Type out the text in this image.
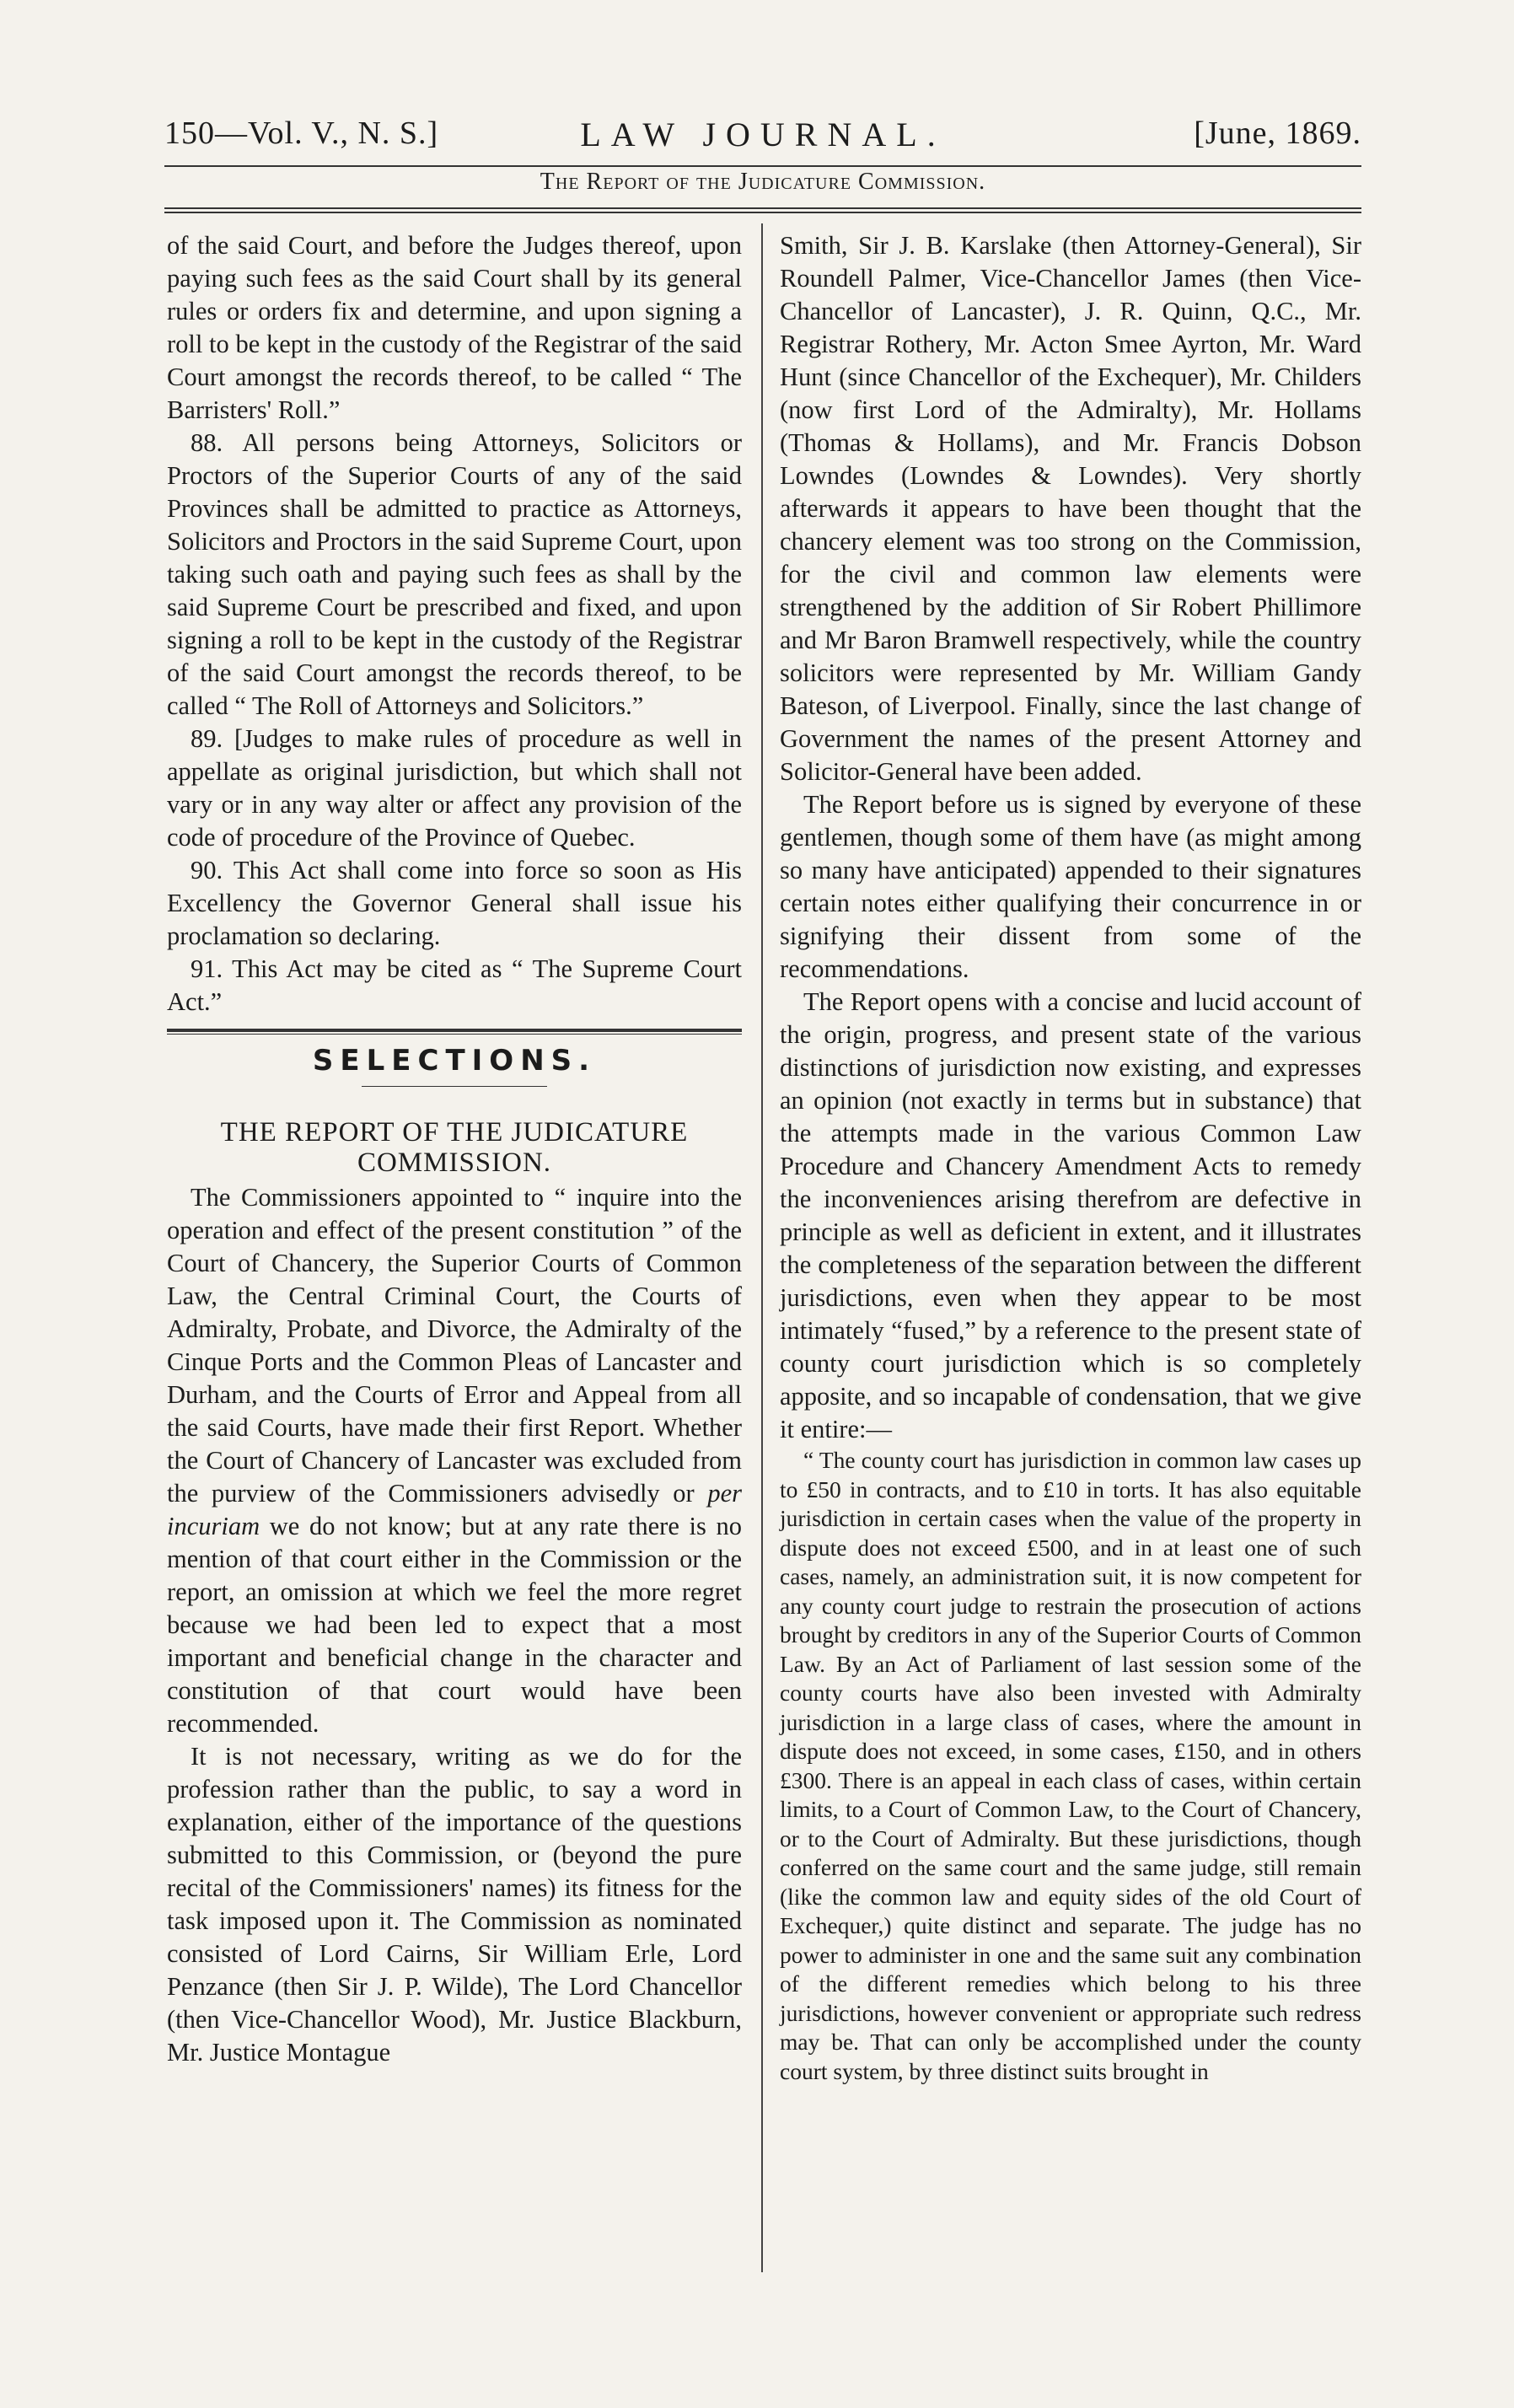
150—Vol. V., N. S.]	LAW JOURNAL.	[June, 1869.
The Report of the Judicature Commission.

of the said Court, and before the Judges thereof, upon paying such fees as the said Court shall by its general rules or orders fix and determine, and upon signing a roll to be kept in the custody of the Registrar of the said Court amongst the records thereof, to be called “ The Barristers' Roll.”

88. All persons being Attorneys, Solicitors or Proctors of the Superior Courts of any of the said Provinces shall be admitted to practice as Attorneys, Solicitors and Proctors in the said Supreme Court, upon taking such oath and paying such fees as shall by the said Supreme Court be prescribed and fixed, and upon signing a roll to be kept in the custody of the Registrar of the said Court amongst the records thereof, to be called “ The Roll of Attorneys and Solicitors.”

89. [Judges to make rules of procedure as well in appellate as original jurisdiction, but which shall not vary or in any way alter or affect any provision of the code of procedure of the Province of Quebec.

90. This Act shall come into force so soon as His Excellency the Governor General shall issue his proclamation so declaring.

91. This Act may be cited as “ The Supreme Court Act.”

SELECTIONS.
THE REPORT OF THE JUDICATURE
COMMISSION.

The Commissioners appointed to “ inquire into the operation and effect of the present constitution ” of the Court of Chancery, the Superior Courts of Common Law, the Central Criminal Court, the Courts of Admiralty, Probate, and Divorce, the Admiralty of the Cinque Ports and the Common Pleas of Lancaster and Durham, and the Courts of Error and Appeal from all the said Courts, have made their first Report. Whether the Court of Chancery of Lancaster was excluded from the purview of the Commissioners advisedly or per incuriam we do not know; but at any rate there is no mention of that court either in the Commission or the report, an omission at which we feel the more regret because we had been led to expect that a most important and beneficial change in the character and constitution of that court would have been recommended.

It is not necessary, writing as we do for the profession rather than the public, to say a word in explanation, either of the importance of the questions submitted to this Commission, or (beyond the pure recital of the Commissioners' names) its fitness for the task imposed upon it. The Commission as nominated consisted of Lord Cairns, Sir William Erle, Lord Penzance (then Sir J. P. Wilde), The Lord Chancellor (then Vice-Chancellor Wood), Mr. Justice Blackburn, Mr. Justice Montague

Smith, Sir J. B. Karslake (then Attorney-General), Sir Roundell Palmer, Vice-Chancellor James (then Vice-Chancellor of Lancaster), J. R. Quinn, Q.C., Mr. Registrar Rothery, Mr. Acton Smee Ayrton, Mr. Ward Hunt (since Chancellor of the Exchequer), Mr. Childers (now first Lord of the Admiralty), Mr. Hollams (Thomas & Hollams), and Mr. Francis Dobson Lowndes (Lowndes & Lowndes). Very shortly afterwards it appears to have been thought that the chancery element was too strong on the Commission, for the civil and common law elements were strengthened by the addition of Sir Robert Phillimore and Mr Baron Bramwell respectively, while the country solicitors were represented by Mr. William Gandy Bateson, of Liverpool. Finally, since the last change of Government the names of the present Attorney and Solicitor-General have been added.

The Report before us is signed by everyone of these gentlemen, though some of them have (as might among so many have anticipated) appended to their signatures certain notes either qualifying their concurrence in or signifying their dissent from some of the recommendations.

The Report opens with a concise and lucid account of the origin, progress, and present state of the various distinctions of jurisdiction now existing, and expresses an opinion (not exactly in terms but in substance) that the attempts made in the various Common Law Procedure and Chancery Amendment Acts to remedy the inconveniences arising therefrom are defective in principle as well as deficient in extent, and it illustrates the completeness of the separation between the different jurisdictions, even when they appear to be most intimately “fused,” by a reference to the present state of county court jurisdiction which is so completely apposite, and so incapable of condensation, that we give it entire:—

“ The county court has jurisdiction in common law cases up to £50 in contracts, and to £10 in torts. It has also equitable jurisdiction in certain cases when the value of the property in dispute does not exceed £500, and in at least one of such cases, namely, an administration suit, it is now competent for any county court judge to restrain the prosecution of actions brought by creditors in any of the Superior Courts of Common Law. By an Act of Parliament of last session some of the county courts have also been invested with Admiralty jurisdiction in a large class of cases, where the amount in dispute does not exceed, in some cases, £150, and in others £300. There is an appeal in each class of cases, within certain limits, to a Court of Common Law, to the Court of Chancery, or to the Court of Admiralty. But these jurisdictions, though conferred on the same court and the same judge, still remain (like the common law and equity sides of the old Court of Exchequer,) quite distinct and separate. The judge has no power to administer in one and the same suit any combination of the different remedies which belong to his three jurisdictions, however convenient or appropriate such redress may be. That can only be accomplished under the county court system, by three distinct suits brought in
